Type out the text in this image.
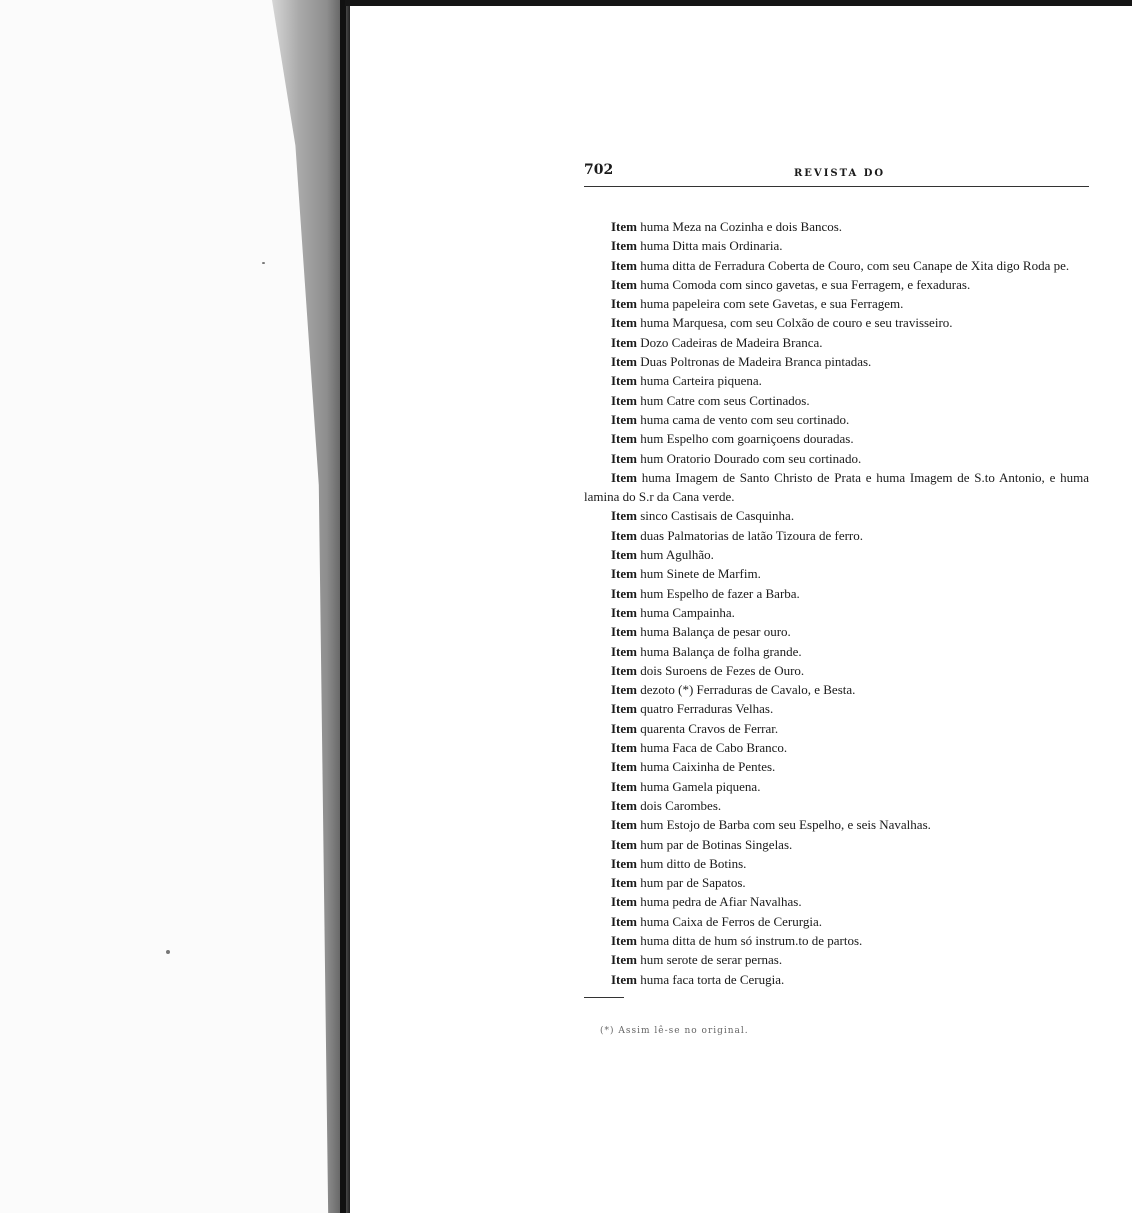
702	REVISTA DO
Item huma Meza na Cozinha e dois Bancos.
Item huma Ditta mais Ordinaria.
Item huma ditta de Ferradura Coberta de Couro, com seu Canape de Xita digo Roda pe.
Item huma Comoda com sinco gavetas, e sua Ferragem, e fexaduras.
Item huma papeleira com sete Gavetas, e sua Ferragem.
Item huma Marquesa, com seu Colxão de couro e seu travisseiro.
Item Dozo Cadeiras de Madeira Branca.
Item Duas Poltronas de Madeira Branca pintadas.
Item huma Carteira piquena.
Item hum Catre com seus Cortinados.
Item huma cama de vento com seu cortinado.
Item hum Espelho com goarniçoens douradas.
Item hum Oratorio Dourado com seu cortinado.
Item huma Imagem de Santo Christo de Prata e huma Imagem de S.to Antonio, e huma lamina do S.r da Cana verde.
Item sinco Castisais de Casquinha.
Item duas Palmatorias de latão Tizoura de ferro.
Item hum Agulhão.
Item hum Sinete de Marfim.
Item hum Espelho de fazer a Barba.
Item huma Campainha.
Item huma Balança de pesar ouro.
Item huma Balança de folha grande.
Item dois Suroens de Fezes de Ouro.
Item dezoto (*) Ferraduras de Cavalo, e Besta.
Item quatro Ferraduras Velhas.
Item quarenta Cravos de Ferrar.
Item huma Faca de Cabo Branco.
Item huma Caixinha de Pentes.
Item huma Gamela piquena.
Item dois Carombes.
Item hum Estojo de Barba com seu Espelho, e seis Navalhas.
Item hum par de Botinas Singelas.
Item hum ditto de Botins.
Item hum par de Sapatos.
Item huma pedra de Afiar Navalhas.
Item huma Caixa de Ferros de Cerurgia.
Item huma ditta de hum só instrum.to de partos.
Item hum serote de serar pernas.
Item huma faca torta de Cerugia.
(*) Assim lê-se no original.
